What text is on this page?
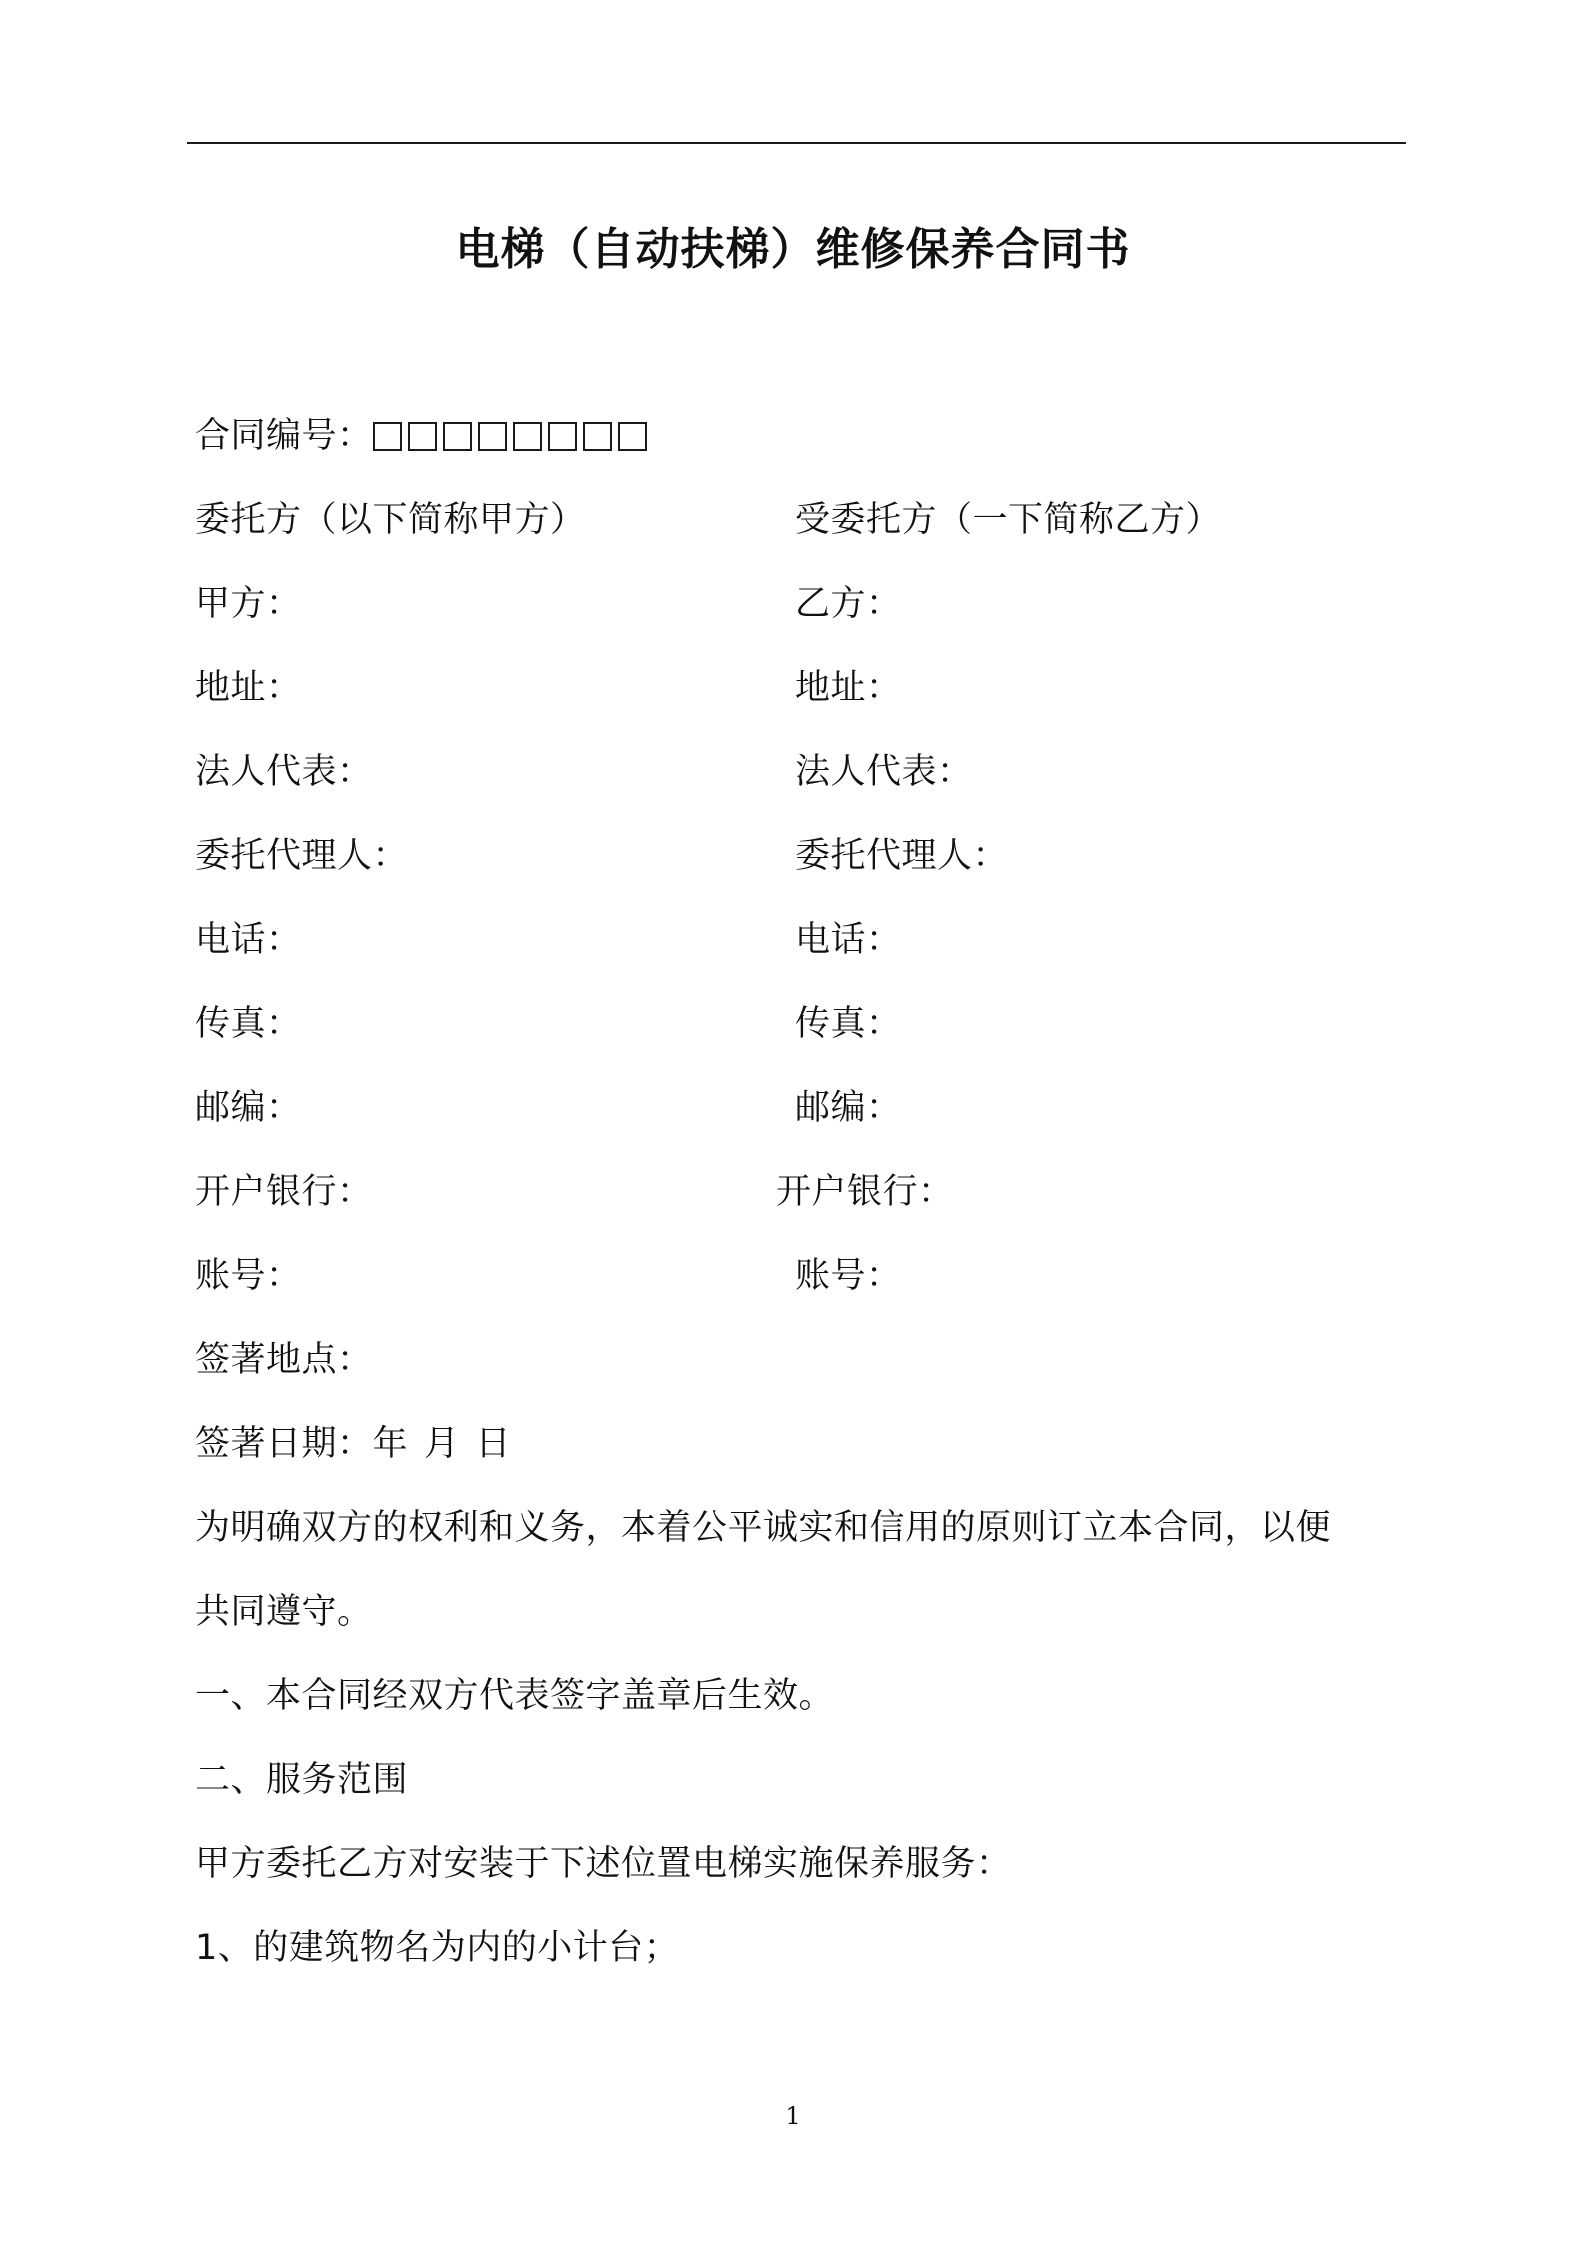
电梯（自动扶梯）维修保养合同书
合同编号：
委托方（以下简称甲方）	受委托方（一下简称乙方）
甲方：	乙方：
地址：	地址：
法人代表：	法人代表：
委托代理人：	委托代理人：
电话：	电话：
传真：	传真：
邮编：	邮编：
开户银行：	开户银行：
账号：	账号：
签著地点：
签著日期：年 月 日
为明确双方的权利和义务，本着公平诚实和信用的原则订立本合同，以便
共同遵守。
一、本合同经双方代表签字盖章后生效。
二、服务范围
甲方委托乙方对安装于下述位置电梯实施保养服务：
1、的建筑物名为内的小计台；
1
